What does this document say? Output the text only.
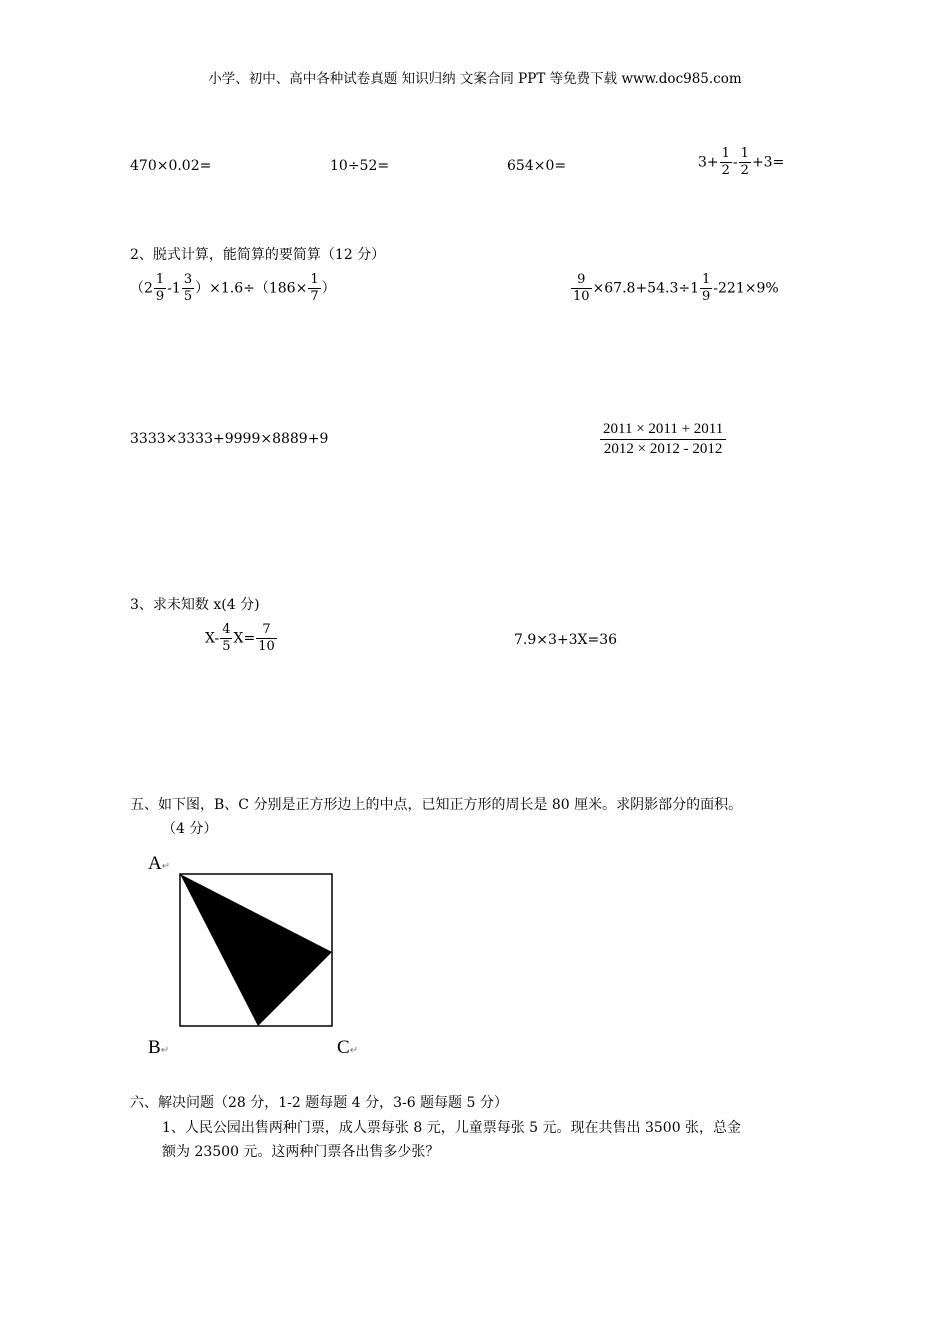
小学、初中、高中各种试卷真题 知识归纳 文案合同 PPT 等免费下载 www.doc985.com
470×0.02=	10÷52=	654×0=	$3+ \frac{1}{2} - \frac{1}{2} +3=$
2、脱式计算，能简算的要简算（12 分）
$(2 \frac{1}{9} -1 \frac{3}{5} )\times 1.6\div(186\times \frac{1}{7}$ ）	$\frac{9}{10} \times 67.8+54.3\div 1 \frac{1}{9} -221\times 9\%$
3333×3333+9999×8889+9	$\frac{2011 \times 2011 + 2011}{2012 \times 2012 - 2012}$
3、求未知数 x(4 分)
$X- \frac{4}{5} X= \frac{7}{10}$	7.9×3+3X=36
五、如下图，B、C 分别是正方形边上的中点，已知正方形的周长是 80 厘米。求阴影部分的面积。
（4 分）
A↵
B↵	C↵
六、解决问题（28 分，1-2 题每题 4 分，3-6 题每题 5 分）
1、人民公园出售两种门票，成人票每张 8 元，儿童票每张 5 元。现在共售出 3500 张，总金
额为 23500 元。这两种门票各出售多少张？
